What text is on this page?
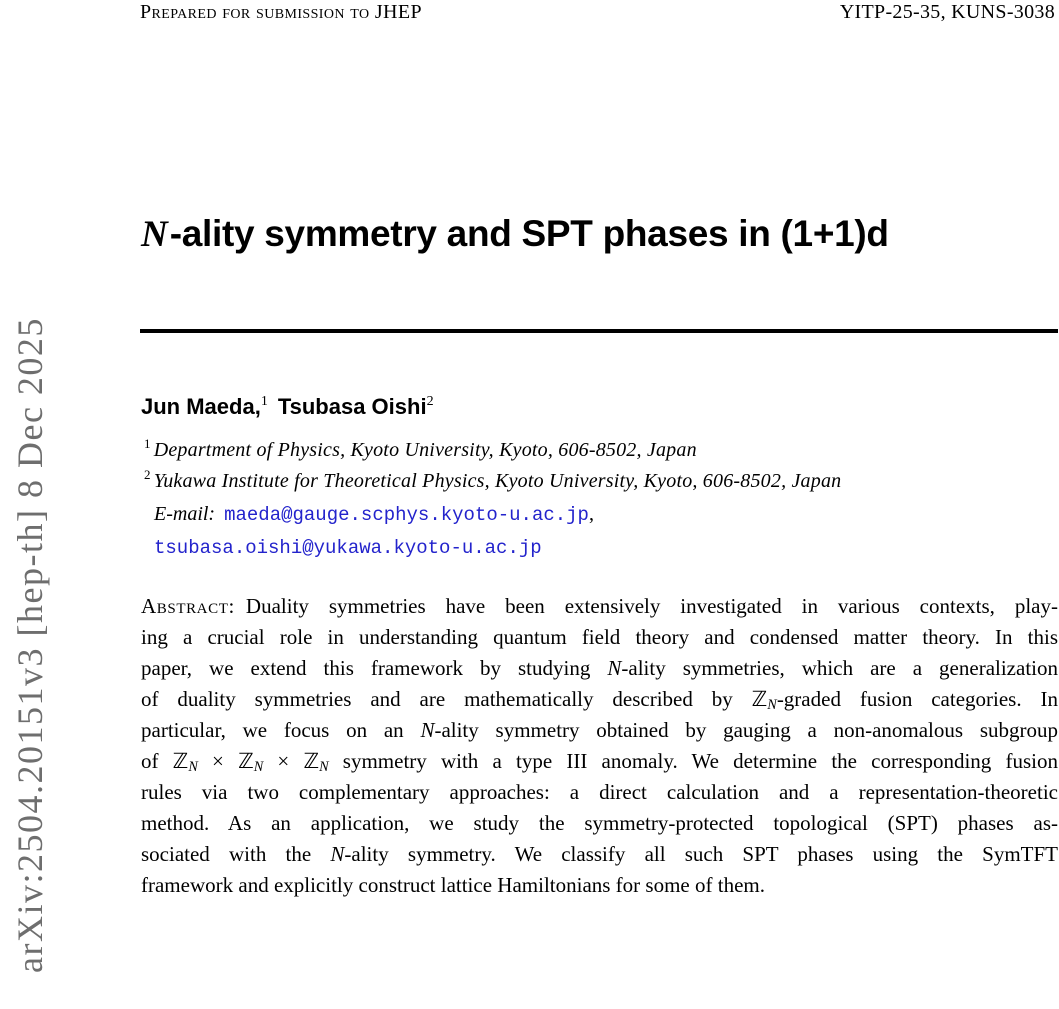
Prepared for submission to JHEP	YITP-25-35, KUNS-3038
arXiv:2504.20151v3 [hep-th] 8 Dec 2025
N-ality symmetry and SPT phases in (1+1)d
Jun Maeda,$^1$ Tsubasa Oishi$^2$
$^1$ Department of Physics, Kyoto University, Kyoto, 606-8502, Japan
$^2$ Yukawa Institute for Theoretical Physics, Kyoto University, Kyoto, 606-8502, Japan
E-mail: maeda@gauge.scphys.kyoto-u.ac.jp,
tsubasa.oishi@yukawa.kyoto-u.ac.jp
Abstract: Duality symmetries have been extensively investigated in various contexts, play-
ing a crucial role in understanding quantum field theory and condensed matter theory. In this
paper, we extend this framework by studying N-ality symmetries, which are a generalization
of duality symmetries and are mathematically described by ℤ$_N$-graded fusion categories. In
particular, we focus on an N-ality symmetry obtained by gauging a non-anomalous subgroup
of ℤ$_N$ × ℤ$_N$ × ℤ$_N$ symmetry with a type III anomaly. We determine the corresponding fusion
rules via two complementary approaches: a direct calculation and a representation-theoretic
method. As an application, we study the symmetry-protected topological (SPT) phases as-
sociated with the N-ality symmetry. We classify all such SPT phases using the SymTFT
framework and explicitly construct lattice Hamiltonians for some of them.
